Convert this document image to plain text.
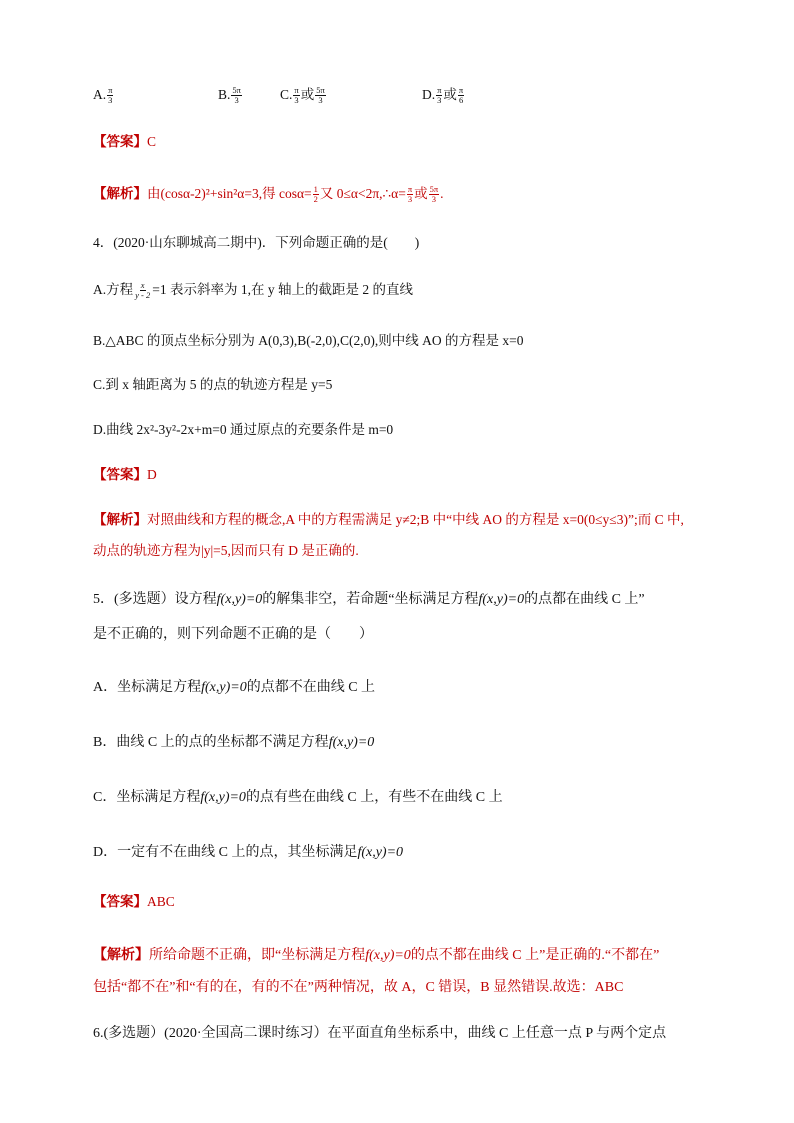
A. $\frac{\pi}{3}$	B. $\frac{5\pi}{3}$	C. $\frac{\pi}{3}$ 或 $\frac{5\pi}{3}$	D. $\frac{\pi}{3}$ 或 $\frac{\pi}{6}$
【答案】C
【解析】由(cosα-2)²+sin²α=3,得 $\cos\alpha= \frac{1}{2}$ 又 0≤α<2π,∴α= $\frac{\pi}{3}$ 或 $\frac{5\pi}{3}$ .
4．(2020·山东聊城高二期中)．下列命题正确的是(　　)
A.方程 $\frac{x}{y - 2} =1$ 表示斜率为 1,在 y 轴上的截距是 2 的直线
B.△ABC 的顶点坐标分别为 A(0,3),B(-2,0),C(2,0),则中线 AO 的方程是 x=0
C.到 x 轴距离为 5 的点的轨迹方程是 y=5
D.曲线 2x²-3y²-2x+m=0 通过原点的充要条件是 m=0
【答案】D
【解析】对照曲线和方程的概念,A 中的方程需满足 y≠2;B 中“中线 AO 的方程是 x=0(0≤y≤3)”;而 C 中,
动点的轨迹方程为|y|=5,因而只有 D 是正确的.
5．(多选题）设方程f(x,y)=0的解集非空，若命题“坐标满足方程f(x,y)=0的点都在曲线 C 上”
是不正确的，则下列命题不正确的是（　　）
A．坐标满足方程f(x,y)=0的点都不在曲线 C 上
B．曲线 C 上的点的坐标都不满足方程f(x,y)=0
C．坐标满足方程f(x,y)=0的点有些在曲线 C 上，有些不在曲线 C 上
D．一定有不在曲线 C 上的点，其坐标满足f(x,y)=0
【答案】ABC
【解析】所给命题不正确，即“坐标满足方程f(x,y)=0的点不都在曲线 C 上”是正确的.“不都在”
包括“都不在”和“有的在，有的不在”两种情况，故 A，C 错误，B 显然错误.故选：ABC
6.(多选题）(2020·全国高二课时练习）在平面直角坐标系中，曲线 C 上任意一点 P 与两个定点
